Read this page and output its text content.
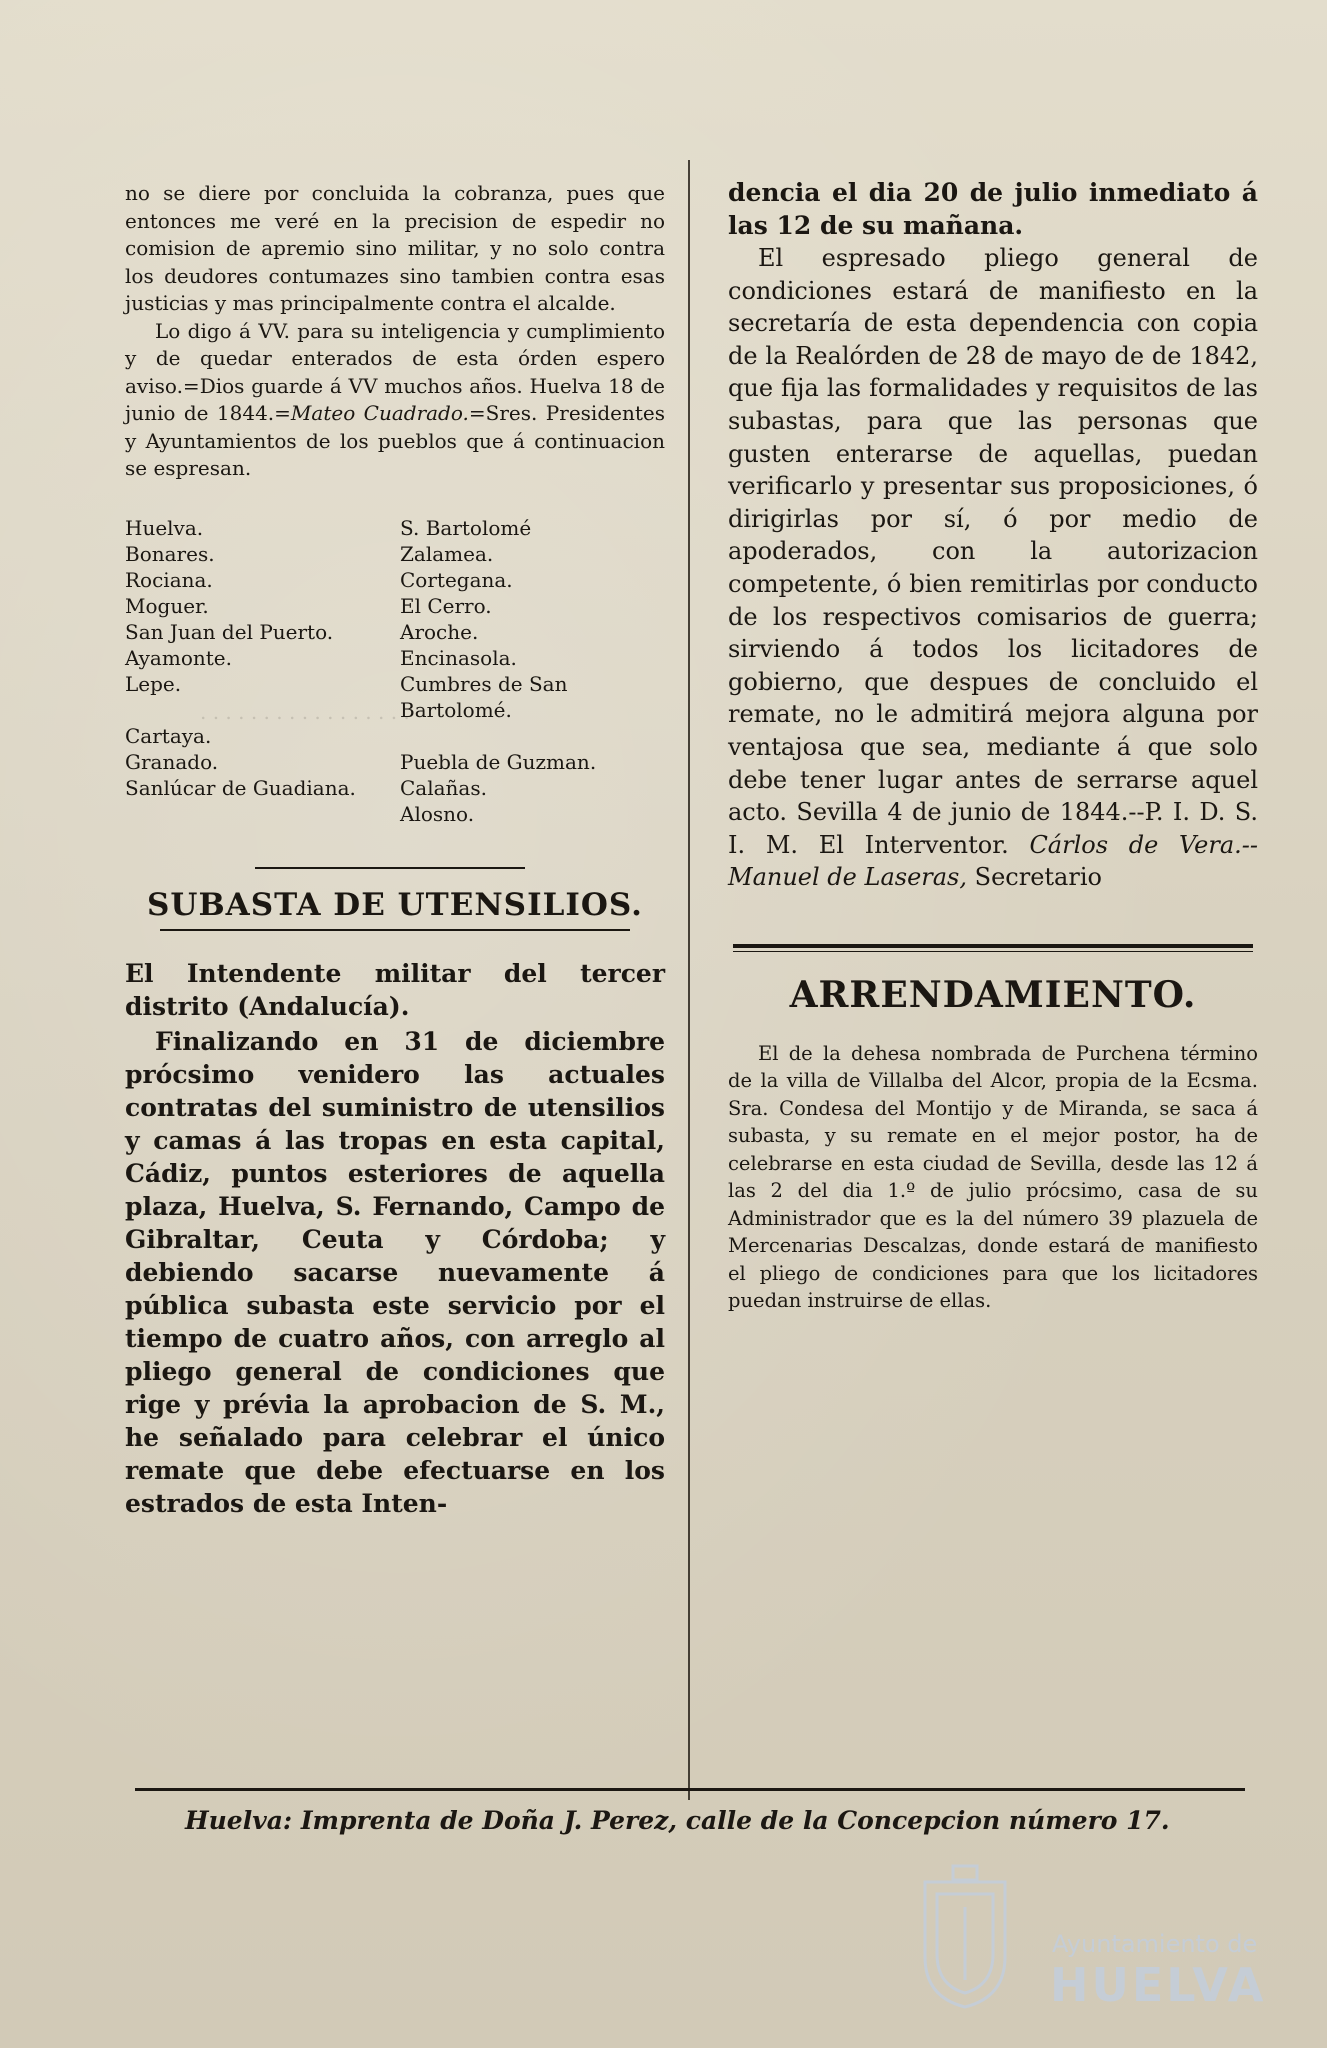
. . . . . . . . . . . . . . . . .

no se diere por concluida la cobranza, pues que entonces me veré en la precision de espedir no comision de apremio sino militar, y no solo contra los deudores contumazes sino tambien contra esas justicias y mas principalmente contra el alcalde.

Lo digo á VV. para su inteligencia y cumplimiento y de quedar enterados de esta órden espero aviso.=Dios guarde á VV muchos años. Huelva 18 de junio de 1844.=Mateo Cuadrado.=Sres. Presidentes y Ayuntamientos de los pueblos que á continuacion se espresan.

Huelva.	S. Bartolomé
Bonares.	Zalamea.
Rociana.	Cortegana.
Moguer.	El Cerro.
San Juan del Puerto.	Aroche.
Ayamonte.	Encinasola.
Lepe.	Cumbres de San Bartolomé.
Cartaya.	
Granado.	Puebla de Guzman.
Sanlúcar de Guadiana.	Calañas.
	Alosno.
SUBASTA DE UTENSILIOS.

El Intendente militar del tercer distrito (Andalucía).

Finalizando en 31 de diciembre prócsimo venidero las actuales contratas del suministro de utensilios y camas á las tropas en esta capital, Cádiz, puntos esteriores de aquella plaza, Huelva, S. Fernando, Campo de Gibraltar, Ceuta y Córdoba; y debiendo sacarse nuevamente á pública subasta este servicio por el tiempo de cuatro años, con arreglo al pliego general de condiciones que rige y prévia la aprobacion de S. M., he señalado para celebrar el único remate que debe efectuarse en los estrados de esta Inten-

dencia el dia 20 de julio inmediato á las 12 de su mañana.

El espresado pliego general de condiciones estará de manifiesto en la secretaría de esta dependencia con copia de la Realórden de 28 de mayo de de 1842, que fija las formalidades y requisitos de las subastas, para que las personas que gusten enterarse de aquellas, puedan verificarlo y presentar sus proposiciones, ó dirigirlas por sí, ó por medio de apoderados, con la autorizacion competente, ó bien remitirlas por conducto de los respectivos comisarios de guerra; sirviendo á todos los licitadores de gobierno, que despues de concluido el remate, no le admitirá mejora alguna por ventajosa que sea, mediante á que solo debe tener lugar antes de serrarse aquel acto. Sevilla 4 de junio de 1844.--P. I. D. S. I. M. El Interventor. Cárlos de Vera.--Manuel de Laseras, Secretario

ARRENDAMIENTO.

El de la dehesa nombrada de Purchena término de la villa de Villalba del Alcor, propia de la Ecsma. Sra. Condesa del Montijo y de Miranda, se saca á subasta, y su remate en el mejor postor, ha de celebrarse en esta ciudad de Sevilla, desde las 12 á las 2 del dia 1.º de julio prócsimo, casa de su Administrador que es la del número 39 plazuela de Mercenarias Descalzas, donde estará de manifiesto el pliego de condiciones para que los licitadores puedan instruirse de ellas.

Huelva: Imprenta de Doña J. Perez, calle de la Concepcion número 17.
Ayuntamiento de
HUELVA
